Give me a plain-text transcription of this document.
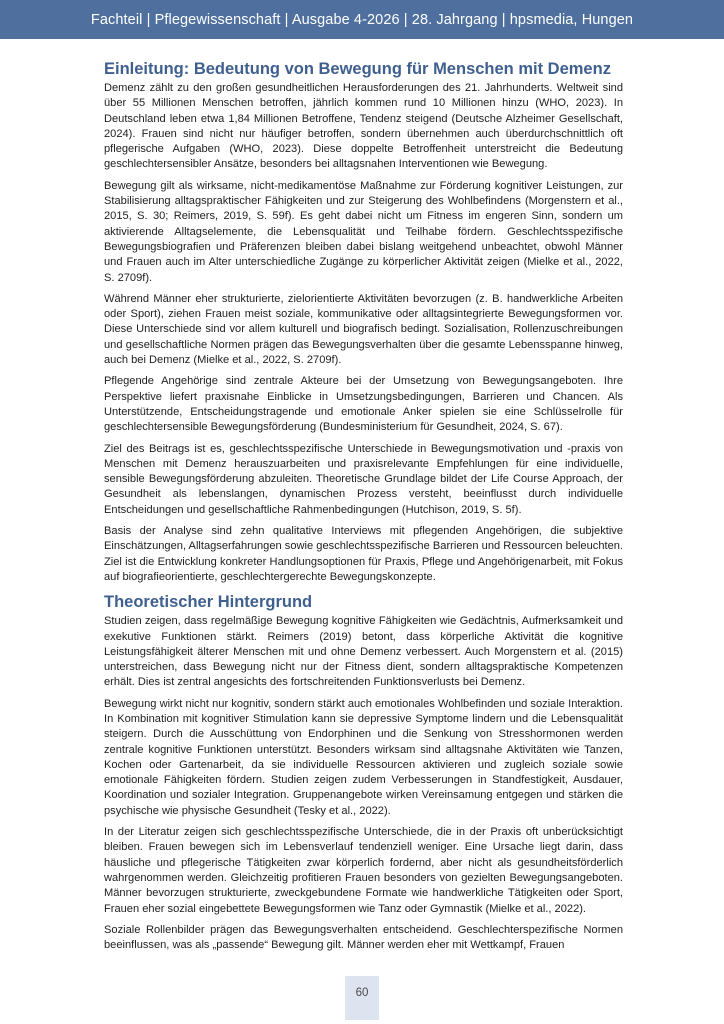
Fachteil | Pflegewissenschaft | Ausgabe 4-2026 | 28. Jahrgang | hpsmedia, Hungen
Einleitung: Bedeutung von Bewegung für Menschen mit Demenz

Demenz zählt zu den großen gesundheitlichen Herausforderungen des 21. Jahrhunderts. Weltweit sind über 55 Millionen Menschen betroffen, jährlich kommen rund 10 Millionen hinzu (WHO, 2023). In Deutschland leben etwa 1,84 Millionen Betroffene, Tendenz steigend (Deutsche Alzheimer Gesellschaft, 2024). Frauen sind nicht nur häufiger betroffen, sondern übernehmen auch überdurchschnittlich oft pflegerische Aufgaben (WHO, 2023). Diese doppelte Betroffenheit unterstreicht die Bedeutung geschlechtersensibler Ansätze, besonders bei alltagsnahen Interventionen wie Bewegung.

Bewegung gilt als wirksame, nicht-medikamentöse Maßnahme zur Förderung kognitiver Leistungen, zur Stabilisierung alltagspraktischer Fähigkeiten und zur Steigerung des Wohlbefindens (Morgenstern et al., 2015, S. 30; Reimers, 2019, S. 59f). Es geht dabei nicht um Fitness im engeren Sinn, sondern um aktivierende Alltagselemente, die Lebensqualität und Teilhabe fördern. Geschlechtsspezifische Bewegungsbiografien und Präferenzen bleiben dabei bislang weitgehend unbeachtet, obwohl Männer und Frauen auch im Alter unterschiedliche Zugänge zu körperlicher Aktivität zeigen (Mielke et al., 2022, S. 2709f).

Während Männer eher strukturierte, zielorientierte Aktivitäten bevorzugen (z. B. handwerkliche Arbeiten oder Sport), ziehen Frauen meist soziale, kommunikative oder alltagsintegrierte Bewegungsformen vor. Diese Unterschiede sind vor allem kulturell und biografisch bedingt. Sozialisation, Rollenzuschreibungen und gesellschaftliche Normen prägen das Bewegungsverhalten über die gesamte Lebensspanne hinweg, auch bei Demenz (Mielke et al., 2022, S. 2709f).

Pflegende Angehörige sind zentrale Akteure bei der Umsetzung von Bewegungsangeboten. Ihre Perspektive liefert praxisnahe Einblicke in Umsetzungsbedingungen, Barrieren und Chancen. Als Unterstützende, Entscheidungstragende und emotionale Anker spielen sie eine Schlüsselrolle für geschlechtersensible Bewegungsförderung (Bundesministerium für Gesundheit, 2024, S. 67).

Ziel des Beitrags ist es, geschlechtsspezifische Unterschiede in Bewegungsmotivation und -praxis von Menschen mit Demenz herauszuarbeiten und praxisrelevante Empfehlungen für eine individuelle, sensible Bewegungsförderung abzuleiten. Theoretische Grundlage bildet der Life Course Approach, der Gesundheit als lebenslangen, dynamischen Prozess versteht, beeinflusst durch individuelle Entscheidungen und gesellschaftliche Rahmenbedingungen (Hutchison, 2019, S. 5f).

Basis der Analyse sind zehn qualitative Interviews mit pflegenden Angehörigen, die subjektive Einschätzungen, Alltagserfahrungen sowie geschlechtsspezifische Barrieren und Ressourcen beleuchten. Ziel ist die Entwicklung konkreter Handlungsoptionen für Praxis, Pflege und Angehörigenarbeit, mit Fokus auf biografieorientierte, geschlechtergerechte Bewegungskonzepte.

Theoretischer Hintergrund

Studien zeigen, dass regelmäßige Bewegung kognitive Fähigkeiten wie Gedächtnis, Aufmerksamkeit und exekutive Funktionen stärkt. Reimers (2019) betont, dass körperliche Aktivität die kognitive Leistungsfähigkeit älterer Menschen mit und ohne Demenz verbessert. Auch Morgenstern et al. (2015) unterstreichen, dass Bewegung nicht nur der Fitness dient, sondern alltagspraktische Kompetenzen erhält. Dies ist zentral angesichts des fortschreitenden Funktionsverlusts bei Demenz.

Bewegung wirkt nicht nur kognitiv, sondern stärkt auch emotionales Wohlbefinden und soziale Interaktion. In Kombination mit kognitiver Stimulation kann sie depressive Symptome lindern und die Lebensqualität steigern. Durch die Ausschüttung von Endorphinen und die Senkung von Stresshormonen werden zentrale kognitive Funktionen unterstützt. Besonders wirksam sind alltagsnahe Aktivitäten wie Tanzen, Kochen oder Gartenarbeit, da sie individuelle Ressourcen aktivieren und zugleich soziale sowie emotionale Fähigkeiten fördern. Studien zeigen zudem Verbesserungen in Standfestigkeit, Ausdauer, Koordination und sozialer Integration. Gruppenangebote wirken Vereinsamung entgegen und stärken die psychische wie physische Gesundheit (Tesky et al., 2022).

In der Literatur zeigen sich geschlechtsspezifische Unterschiede, die in der Praxis oft unberücksichtigt bleiben. Frauen bewegen sich im Lebensverlauf tendenziell weniger. Eine Ursache liegt darin, dass häusliche und pflegerische Tätigkeiten zwar körperlich fordernd, aber nicht als gesundheitsförderlich wahrgenommen werden. Gleichzeitig profitieren Frauen besonders von gezielten Bewegungsangeboten. Männer bevorzugen strukturierte, zweckgebundene Formate wie handwerkliche Tätigkeiten oder Sport, Frauen eher sozial eingebettete Bewegungsformen wie Tanz oder Gymnastik (Mielke et al., 2022).

Soziale Rollenbilder prägen das Bewegungsverhalten entscheidend. Geschlechterspezifische Normen beeinflussen, was als „passende“ Bewegung gilt. Männer werden eher mit Wettkampf, Frauen

60
